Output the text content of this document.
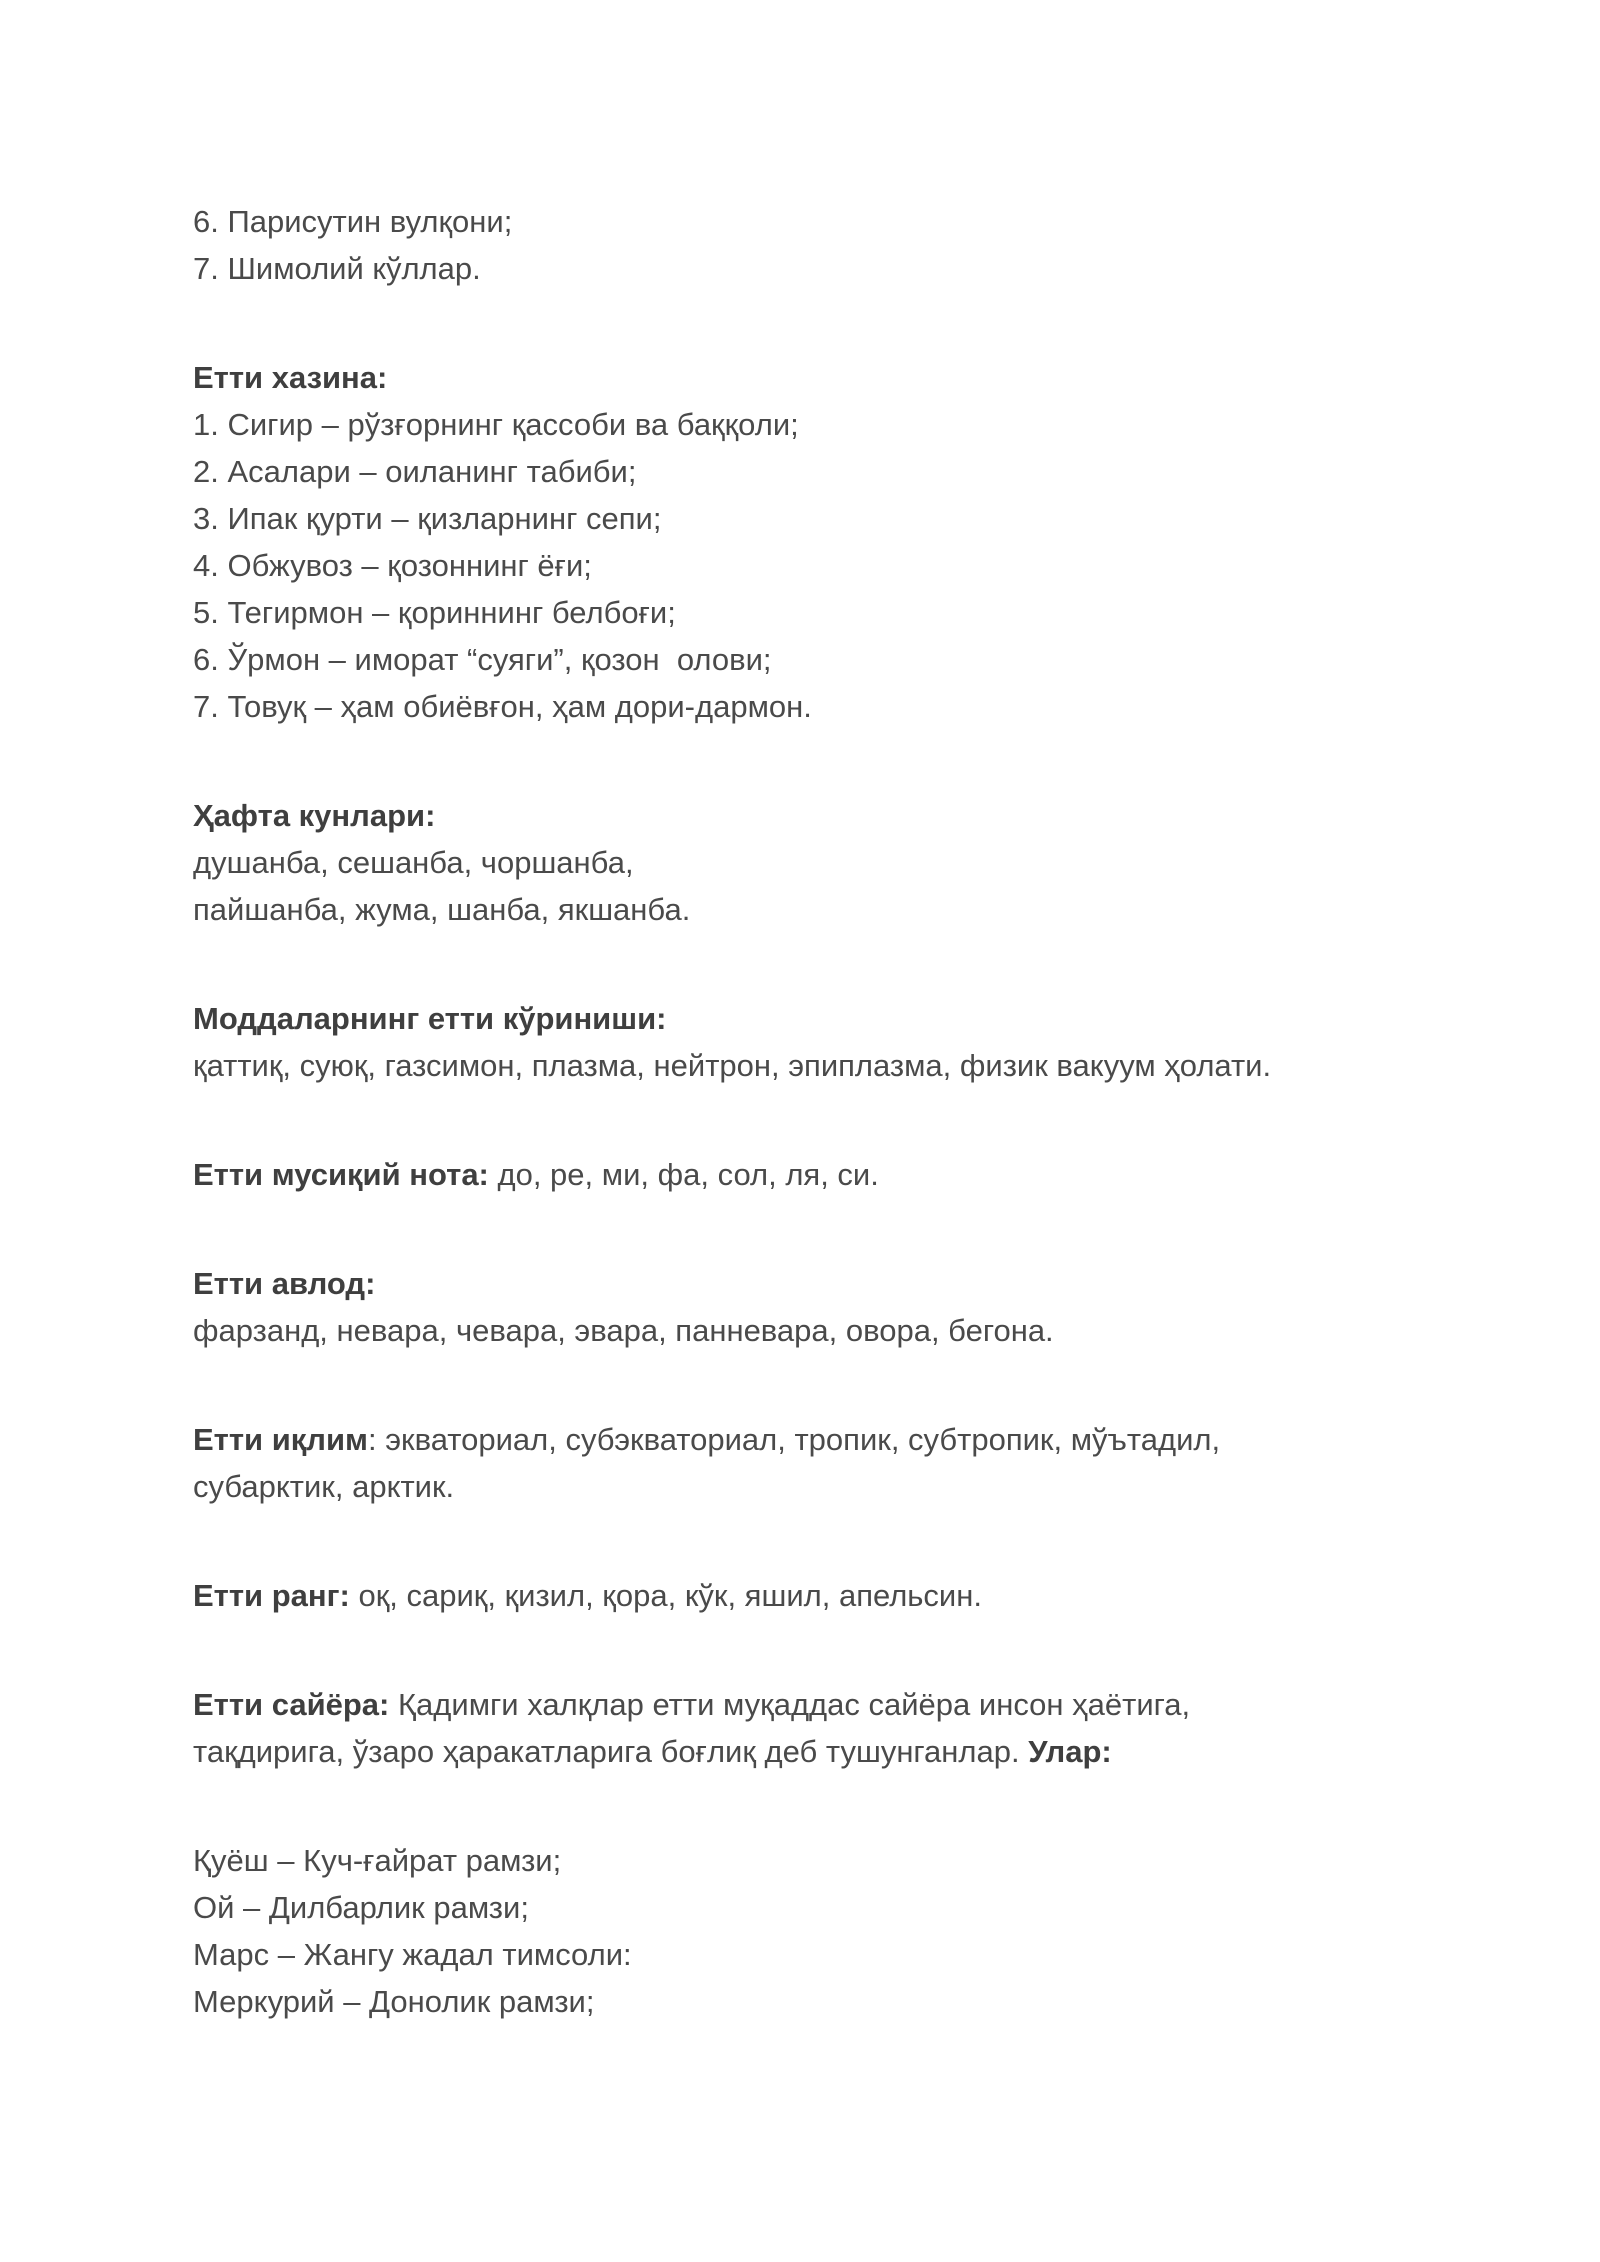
6. Парисутин вулқони;
7. Шимолий кўллар.
Етти хазина:
1. Сигир – рўзғорнинг қассоби ва баққоли;
2. Асалари – оиланинг табиби;
3. Ипак қурти – қизларнинг сепи;
4. Обжувоз – қозоннинг ёғи;
5. Тегирмон – қориннинг белбоғи;
6. Ўрмон – иморат “суяги”, қозон  олови;
7. Товуқ – ҳам обиёвғон, ҳам дори-дармон.
Ҳафта кунлари:
душанба, сешанба, чоршанба,
пайшанба, жума, шанба, якшанба.
Моддаларнинг етти кўриниши:
қаттиқ, суюқ, газсимон, плазма, нейтрон, эпиплазма, физик вакуум ҳолати.
Етти мусиқий нота: до, ре, ми, фа, сол, ля, си.
Етти авлод:
фарзанд, невара, чевара, эвара, панневара, овора, бегона.
Етти иқлим: экваториал, субэкваториал, тропик, субтропик, мўътадил,
субарктик, арктик.
Етти ранг: оқ, сариқ, қизил, қора, кўк, яшил, апельсин.
Етти сайёра: Қадимги халқлар етти муқаддас сайёра инсон ҳаётига,
тақдирига, ўзаро ҳаракатларига боғлиқ деб тушунганлар. Улар:
Қуёш – Куч-ғайрат рамзи;
Ой – Дилбарлик рамзи;
Марс – Жангу жадал тимсоли:
Меркурий – Донолик рамзи;
